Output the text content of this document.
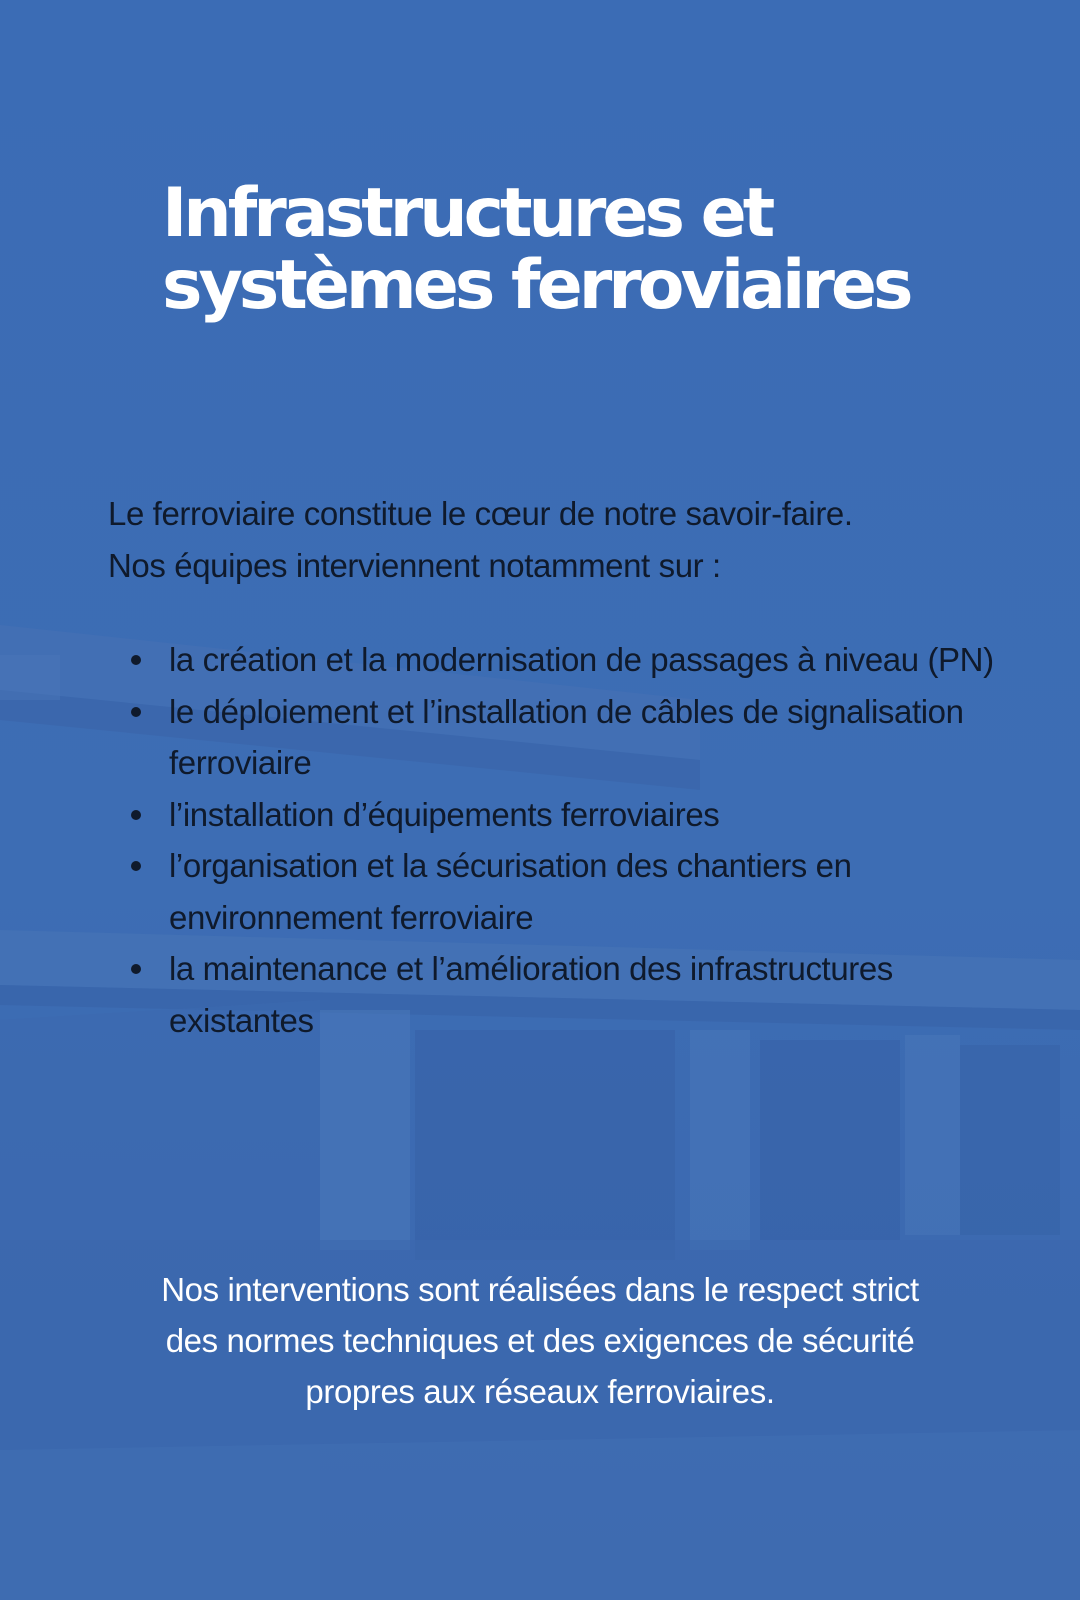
Infrastructures et systèmes ferroviaires

Le ferroviaire constitue le cœur de notre savoir-faire.
Nos équipes interviennent notamment sur :

la création et la modernisation de passages à niveau (PN)
le déploiement et l’installation de câbles de signalisation ferroviaire
l’installation d’équipements ferroviaires
l’organisation et la sécurisation des chantiers en environnement ferroviaire
la maintenance et l’amélioration des infrastructures existantes

Nos interventions sont réalisées dans le respect strict des normes techniques et des exigences de sécurité propres aux réseaux ferroviaires.
